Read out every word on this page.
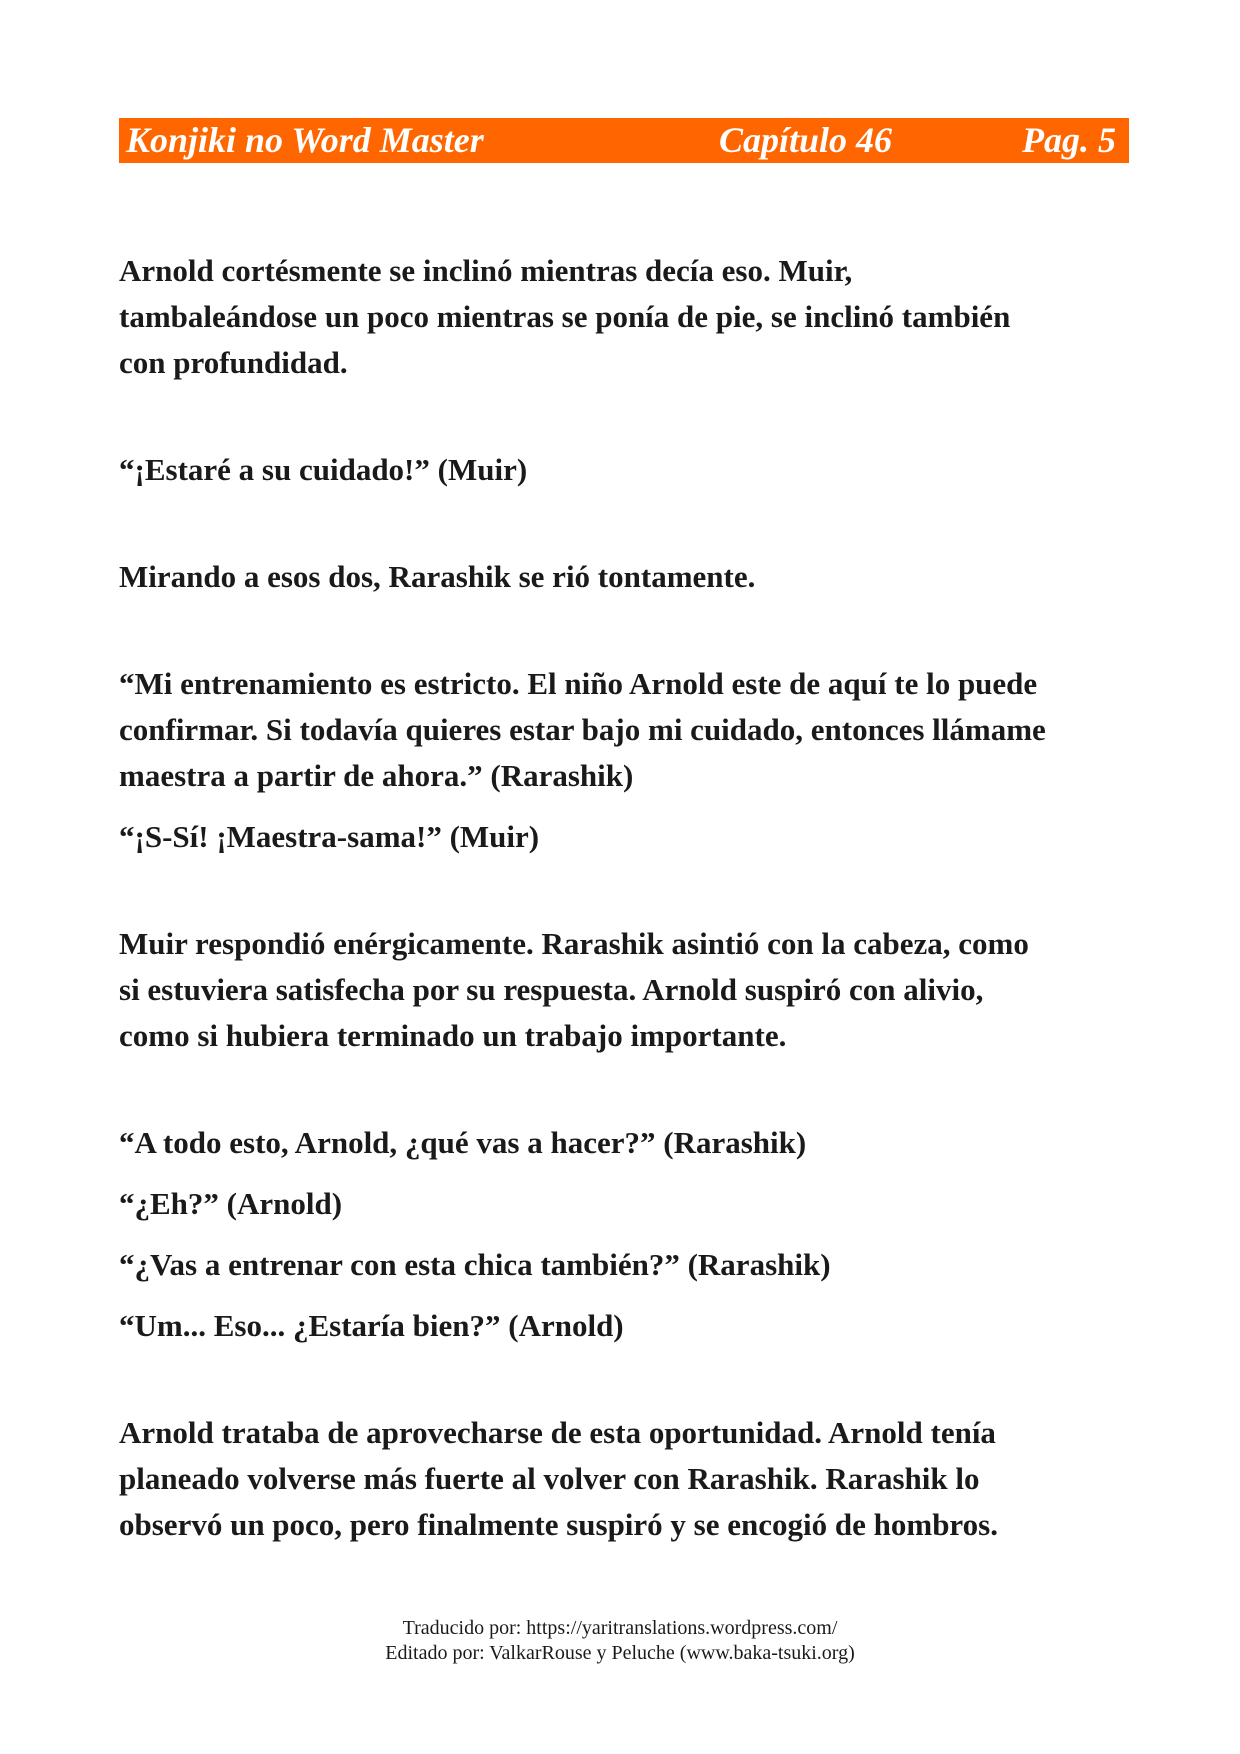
Konjiki no Word Master	Capítulo 46	Pag. 5

Arnold cortésmente se inclinó mientras decía eso. Muir,
tambaleándose un poco mientras se ponía de pie, se inclinó también
con profundidad.

“¡Estaré a su cuidado!” (Muir)

Mirando a esos dos, Rarashik se rió tontamente.

“Mi entrenamiento es estricto. El niño Arnold este de aquí te lo puede
confirmar. Si todavía quieres estar bajo mi cuidado, entonces llámame
maestra a partir de ahora.” (Rarashik)

“¡S-Sí! ¡Maestra-sama!” (Muir)

Muir respondió enérgicamente. Rarashik asintió con la cabeza, como
si estuviera satisfecha por su respuesta. Arnold suspiró con alivio,
como si hubiera terminado un trabajo importante.

“A todo esto, Arnold, ¿qué vas a hacer?” (Rarashik)

“¿Eh?” (Arnold)

“¿Vas a entrenar con esta chica también?” (Rarashik)

“Um... Eso... ¿Estaría bien?” (Arnold)

Arnold trataba de aprovecharse de esta oportunidad. Arnold tenía
planeado volverse más fuerte al volver con Rarashik. Rarashik lo
observó un poco, pero finalmente suspiró y se encogió de hombros.

Traducido por: https://yaritranslations.wordpress.com/
Editado por: ValkarRouse y Peluche (www.baka-tsuki.org)
